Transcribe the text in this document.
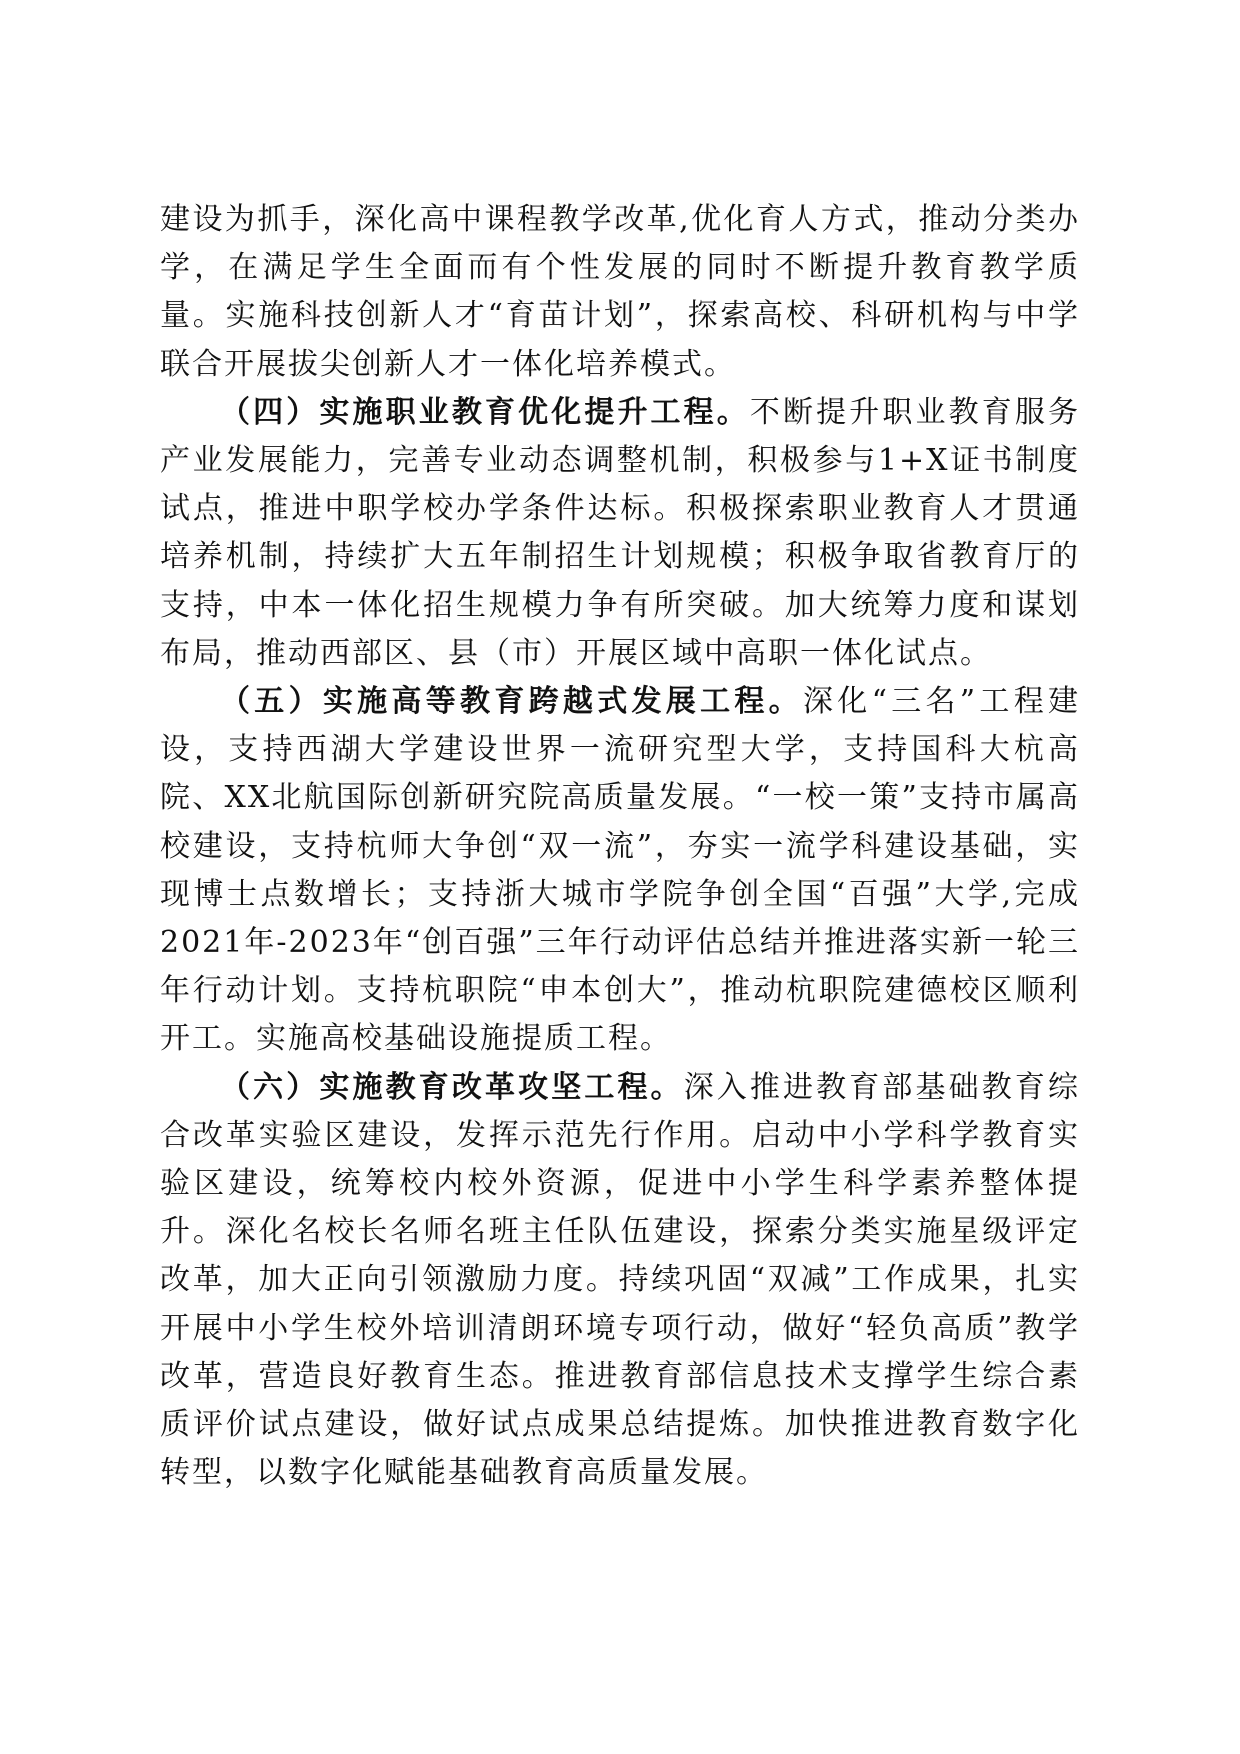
建设为抓手，深化高中课程教学改革,优化育人方式，推动分类办学，在满足学生全面而有个性发展的同时不断提升教育教学质量。实施科技创新人才“育苗计划”，探索高校、科研机构与中学联合开展拔尖创新人才一体化培养模式。

（四）实施职业教育优化提升工程。不断提升职业教育服务产业发展能力，完善专业动态调整机制，积极参与1+X证书制度试点，推进中职学校办学条件达标。积极探索职业教育人才贯通培养机制，持续扩大五年制招生计划规模；积极争取省教育厅的支持，中本一体化招生规模力争有所突破。加大统筹力度和谋划布局，推动西部区、县（市）开展区域中高职一体化试点。

（五）实施高等教育跨越式发展工程。深化“三名”工程建设，支持西湖大学建设世界一流研究型大学，支持国科大杭高院、XX北航国际创新研究院高质量发展。“一校一策”支持市属高校建设，支持杭师大争创“双一流”，夯实一流学科建设基础，实现博士点数增长；支持浙大城市学院争创全国“百强”大学,完成2021年-2023年“创百强”三年行动评估总结并推进落实新一轮三年行动计划。支持杭职院“申本创大”，推动杭职院建德校区顺利开工。实施高校基础设施提质工程。

（六）实施教育改革攻坚工程。深入推进教育部基础教育综合改革实验区建设，发挥示范先行作用。启动中小学科学教育实验区建设，统筹校内校外资源，促进中小学生科学素养整体提升。深化名校长名师名班主任队伍建设，探索分类实施星级评定改革，加大正向引领激励力度。持续巩固“双减”工作成果，扎实开展中小学生校外培训清朗环境专项行动，做好“轻负高质”教学改革，营造良好教育生态。推进教育部信息技术支撑学生综合素质评价试点建设，做好试点成果总结提炼。加快推进教育数字化转型，以数字化赋能基础教育高质量发展。
